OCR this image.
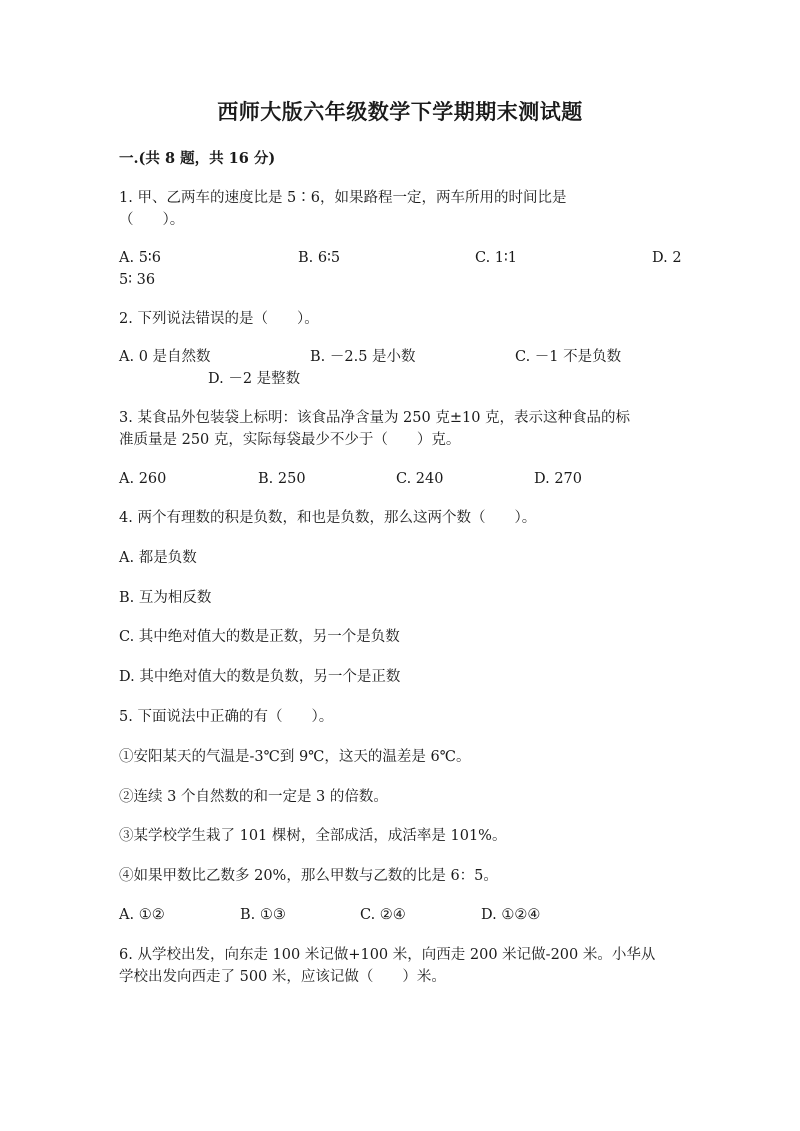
西师大版六年级数学下学期期末测试题
一.(共 8 题，共 16 分)
1. 甲、乙两车的速度比是 5∶6，如果路程一定，两车所用的时间比是
（　　）。
A. 5∶6	B. 6∶5	C. 1∶1	D. 2
5∶ 36
2. 下列说法错误的是（　　）。
A. 0 是自然数	B. －2.5 是小数	C. －1 不是负数
D. －2 是整数
3. 某食品外包装袋上标明：该食品净含量为 250 克±10 克，表示这种食品的标
准质量是 250 克，实际每袋最少不少于（　　）克。
A. 260	B. 250	C. 240	D. 270
4. 两个有理数的积是负数，和也是负数，那么这两个数（　　）。
A. 都是负数
B. 互为相反数
C. 其中绝对值大的数是正数，另一个是负数
D. 其中绝对值大的数是负数，另一个是正数
5. 下面说法中正确的有（　　）。
①安阳某天的气温是-3℃到 9℃，这天的温差是 6℃。
②连续 3 个自然数的和一定是 3 的倍数。
③某学校学生栽了 101 棵树，全部成活，成活率是 101%。
④如果甲数比乙数多 20%，那么甲数与乙数的比是 6：5。
A. ①②	B. ①③	C. ②④	D. ①②④
6. 从学校出发，向东走 100 米记做+100 米，向西走 200 米记做-200 米。小华从
学校出发向西走了 500 米，应该记做（　　）米。
